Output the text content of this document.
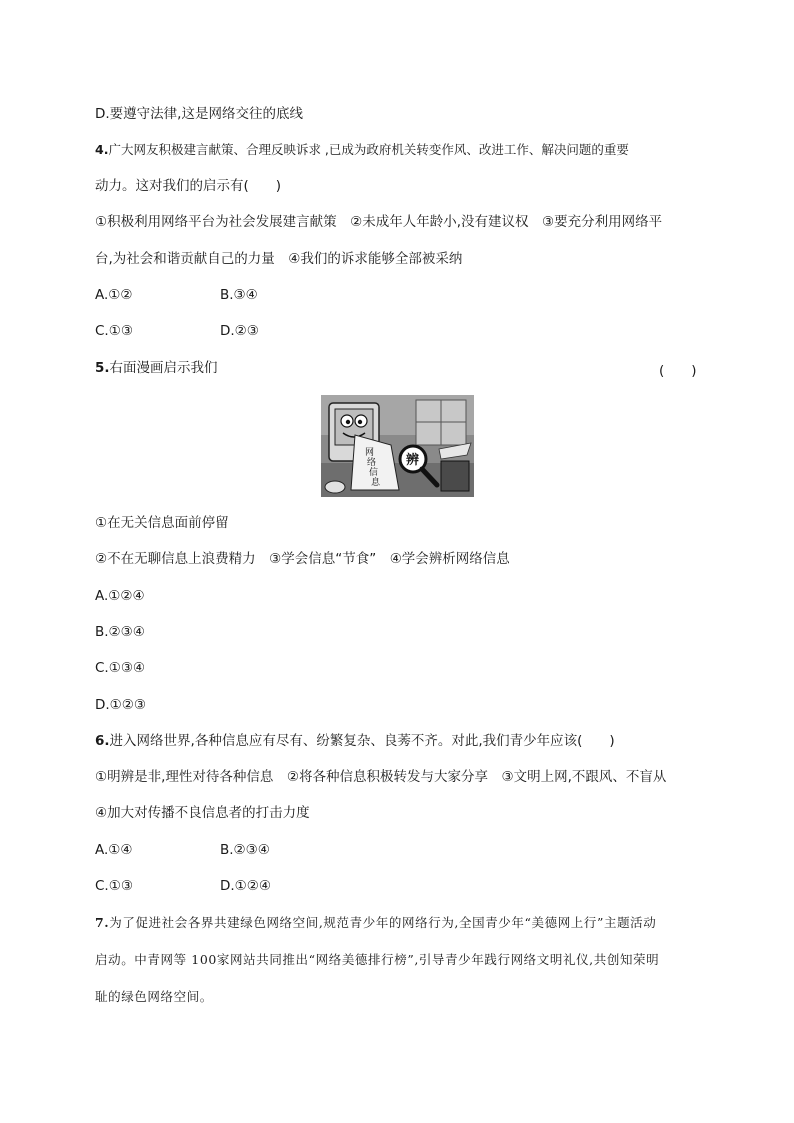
D.要遵守法律,这是网络交往的底线
4.广大网友积极建言献策、合理反映诉求 ,已成为政府机关转变作风、改进工作、解决问题的重要
动力。这对我们的启示有(　　)
①积极利用网络平台为社会发展建言献策　②未成年人年龄小,没有建议权　③要充分利用网络平
台,为社会和谐贡献自己的力量　④我们的诉求能够全部被采纳
A.①②	B.③④
C.①③	D.②③
5.右面漫画启示我们	(　　)
网
络
信
息
辨
①在无关信息面前停留
②不在无聊信息上浪费精力　③学会信息“节食”　④学会辨析网络信息
A.①②④
B.②③④
C.①③④
D.①②③
6.进入网络世界,各种信息应有尽有、纷繁复杂、良莠不齐。对此,我们青少年应该(　　)
①明辨是非,理性对待各种信息　②将各种信息积极转发与大家分享　③文明上网,不跟风、不盲从
④加大对传播不良信息者的打击力度
A.①④	B.②③④
C.①③	D.①②④
7.为了促进社会各界共建绿色网络空间,规范青少年的网络行为,全国青少年“美德网上行”主题活动
启动。中青网等 100家网站共同推出“网络美德排行榜”,引导青少年践行网络文明礼仪,共创知荣明
耻的绿色网络空间。
